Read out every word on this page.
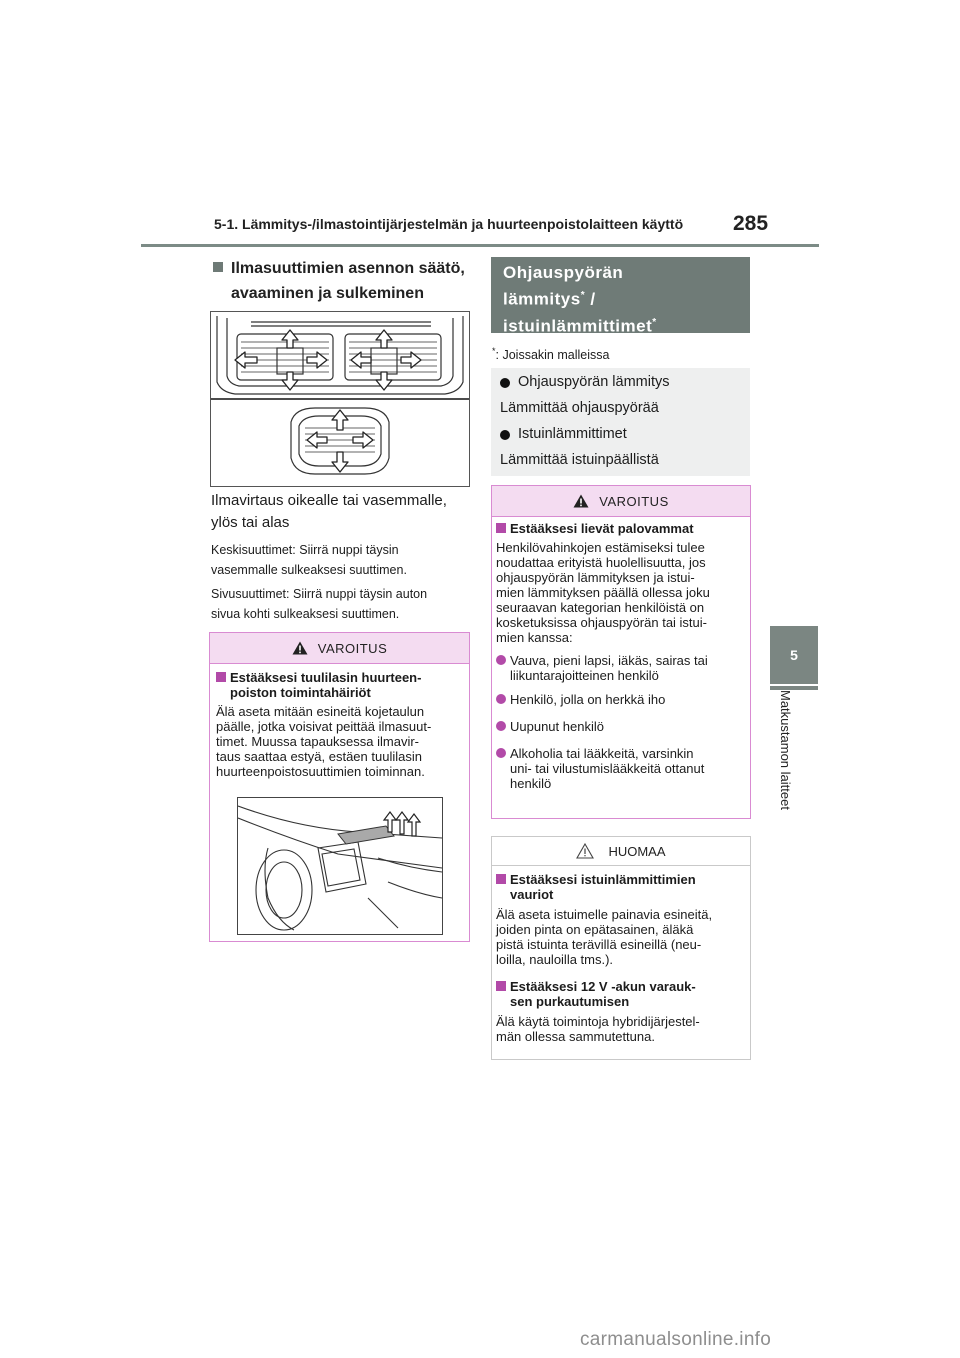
5-1. Lämmitys-/ilmastointijärjestelmän ja huurteenpoistolaitteen käyttö 285
5
Matkustamon laitteet
Ilmasuuttimien asennon säätö,
avaaminen ja sulkeminen
Ilmavirtaus oikealle tai vasemmalle,
ylös tai alas
Keskisuuttimet: Siirrä nuppi täysin
vasemmalle sulkeaksesi suuttimen.
Sivusuuttimet: Siirrä nuppi täysin auton
sivua kohti sulkeaksesi suuttimen.
VAROITUS
Estääksesi tuulilasin huurteen-
poiston toimintahäiriöt
Älä aseta mitään esineitä kojetaulun
päälle, jotka voisivat peittää ilmasuut-
timet. Muussa tapauksessa ilmavir-
taus saattaa estyä, estäen tuulilasin
huurteenpoistosuuttimien toiminnan.
Ohjauspyörän
lämmitys* /
istuinlämmittimet*
*: Joissakin malleissa
Ohjauspyörän lämmitys
Lämmittää ohjauspyörää
Istuinlämmittimet
Lämmittää istuinpäällistä
VAROITUS
Estääksesi lievät palovammat
Henkilövahinkojen estämiseksi tulee
noudattaa erityistä huolellisuutta, jos
ohjauspyörän lämmityksen ja istui-
mien lämmityksen päällä ollessa joku
seuraavan kategorian henkilöistä on
kosketuksissa ohjauspyörän tai istui-
mien kanssa:
Vauva, pieni lapsi, iäkäs, sairas tai
liikuntarajoitteinen henkilö
Henkilö, jolla on herkkä iho
Uupunut henkilö
Alkoholia tai lääkkeitä, varsinkin
uni- tai vilustumislääkkeitä ottanut
henkilö
HUOMAA
Estääksesi istuinlämmittimien
vauriot
Älä aseta istuimelle painavia esineitä,
joiden pinta on epätasainen, äläkä
pistä istuinta terävillä esineillä (neu-
loilla, nauloilla tms.).
Estääksesi 12 V -akun varauk-
sen purkautumisen
Älä käytä toimintoja hybridijärjestel-
män ollessa sammutettuna.
carmanualsonline.info
